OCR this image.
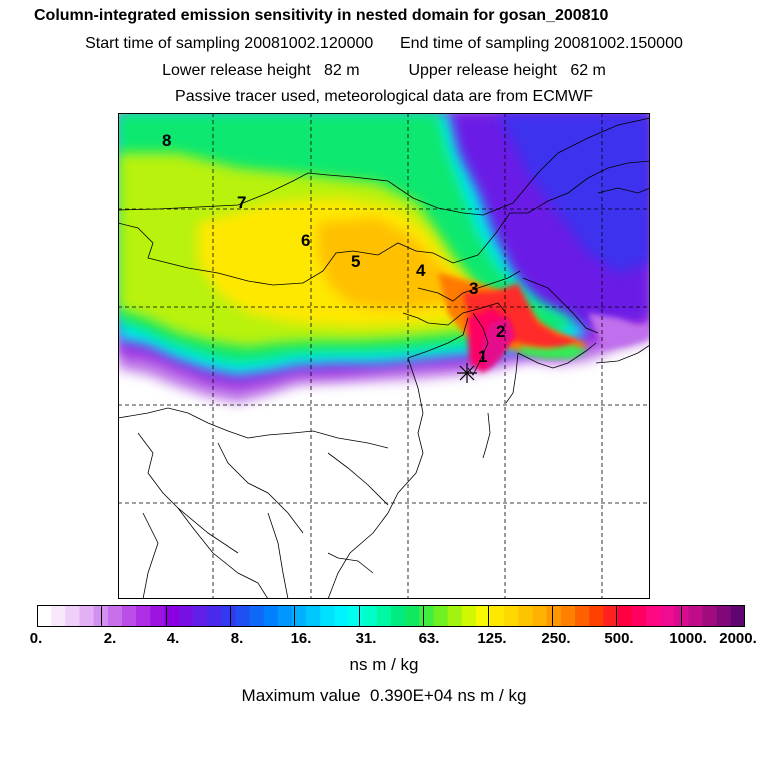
Column-integrated emission sensitivity in nested domain for gosan_200810
Start time of sampling 20081002.120000      End time of sampling 20081002.150000
Lower release height   82 m           Upper release height   62 m
Passive tracer used, meteorological data are from ECMWF
8
7
6
5	4
3
2
1
0.	2.	4.	8.	16.	31.	63.	125. 250. 500. 1000. 2000.
ns m / kg
Maximum value  0.390E+04 ns m / kg
